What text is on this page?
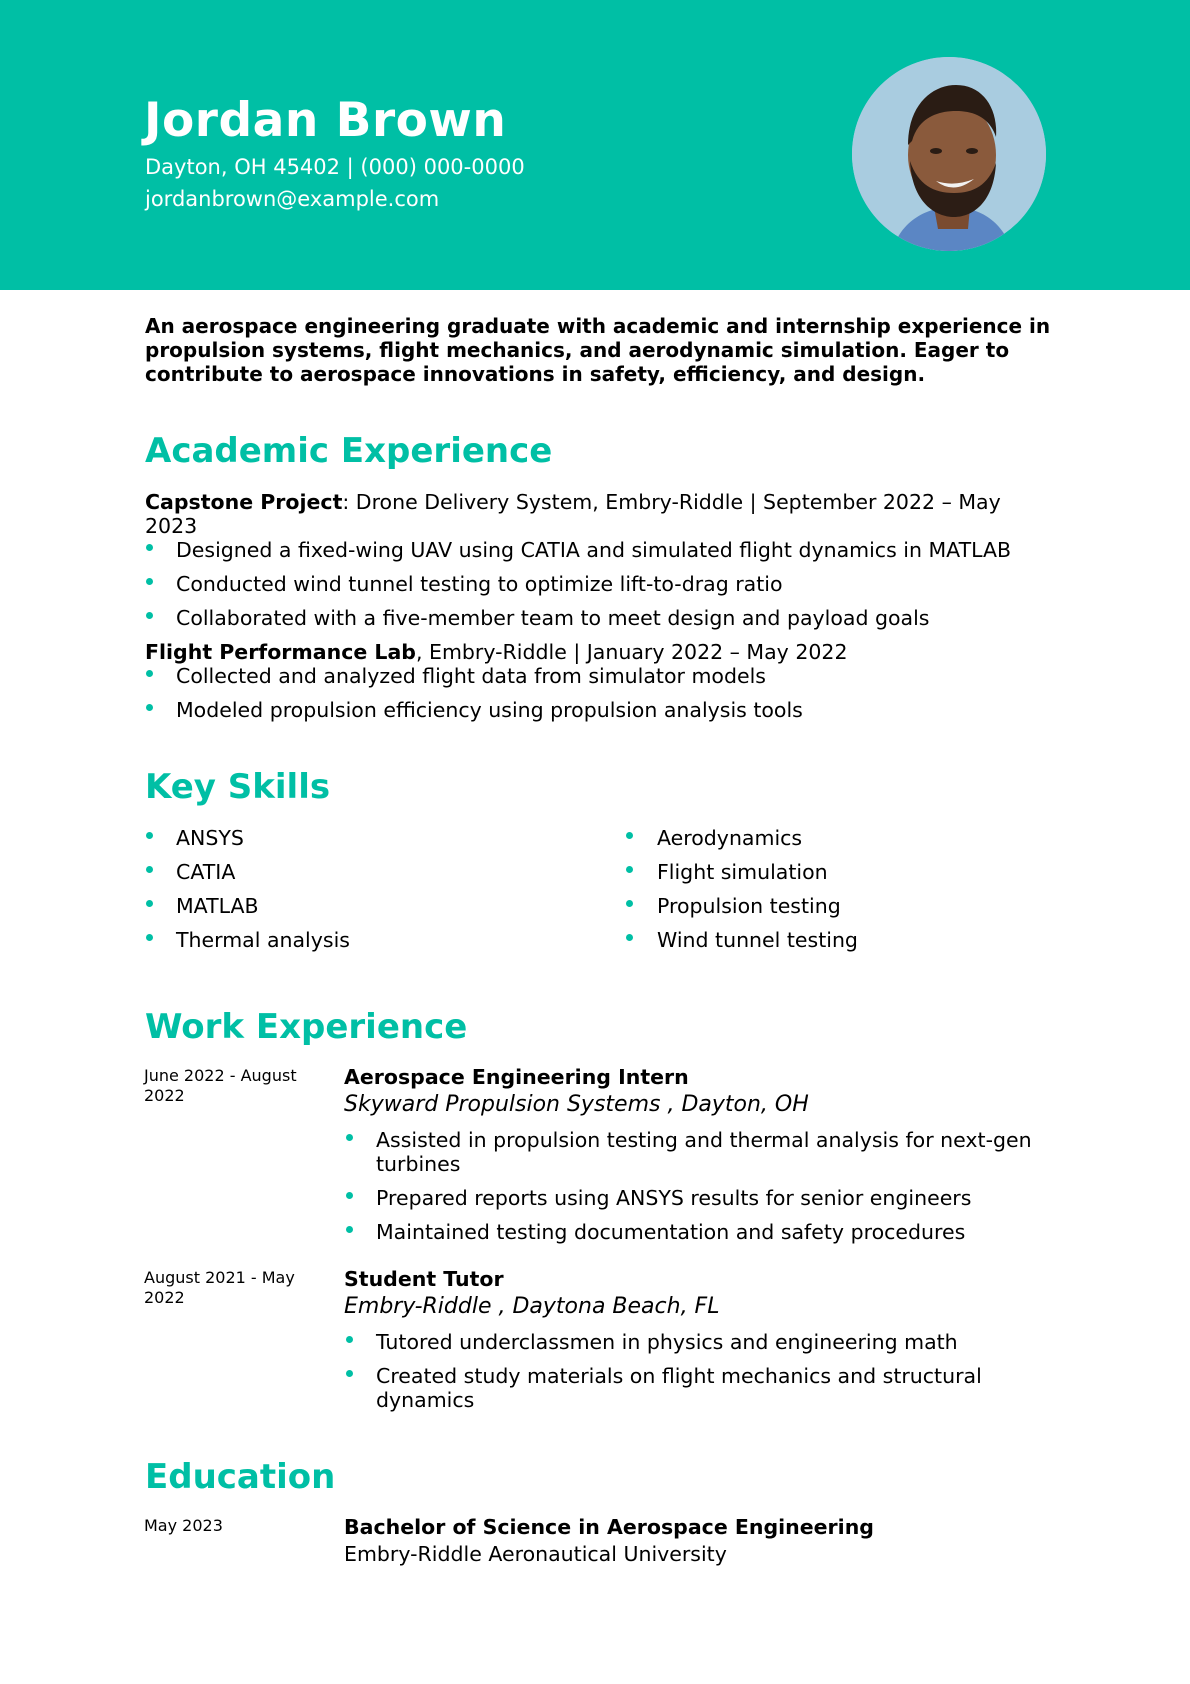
Jordan Brown
Dayton, OH 45402 | (000) 000-0000
jordanbrown@example.com

An aerospace engineering graduate with academic and internship experience in propulsion systems, flight mechanics, and aerodynamic simulation. Eager to contribute to aerospace innovations in safety, efficiency, and design.

Academic Experience
Capstone Project: Drone Delivery System, Embry-Riddle | September 2022 – May 2023
Designed a fixed-wing UAV using CATIA and simulated flight dynamics in MATLAB
Conducted wind tunnel testing to optimize lift-to-drag ratio
Collaborated with a five-member team to meet design and payload goals
Flight Performance Lab, Embry-Riddle | January 2022 – May 2022
Collected and analyzed flight data from simulator models
Modeled propulsion efficiency using propulsion analysis tools
Key Skills
ANSYS
CATIA
MATLAB
Thermal analysis
Aerodynamics
Flight simulation
Propulsion testing
Wind tunnel testing
Work Experience
June 2022 - August 2022
Aerospace Engineering Intern
Skyward Propulsion Systems , Dayton, OH
Assisted in propulsion testing and thermal analysis for next-gen turbines
Prepared reports using ANSYS results for senior engineers
Maintained testing documentation and safety procedures
August 2021 - May 2022
Student Tutor
Embry-Riddle , Daytona Beach, FL
Tutored underclassmen in physics and engineering math
Created study materials on flight mechanics and structural dynamics
Education
May 2023	Bachelor of Science in Aerospace Engineering
Embry-Riddle Aeronautical University
